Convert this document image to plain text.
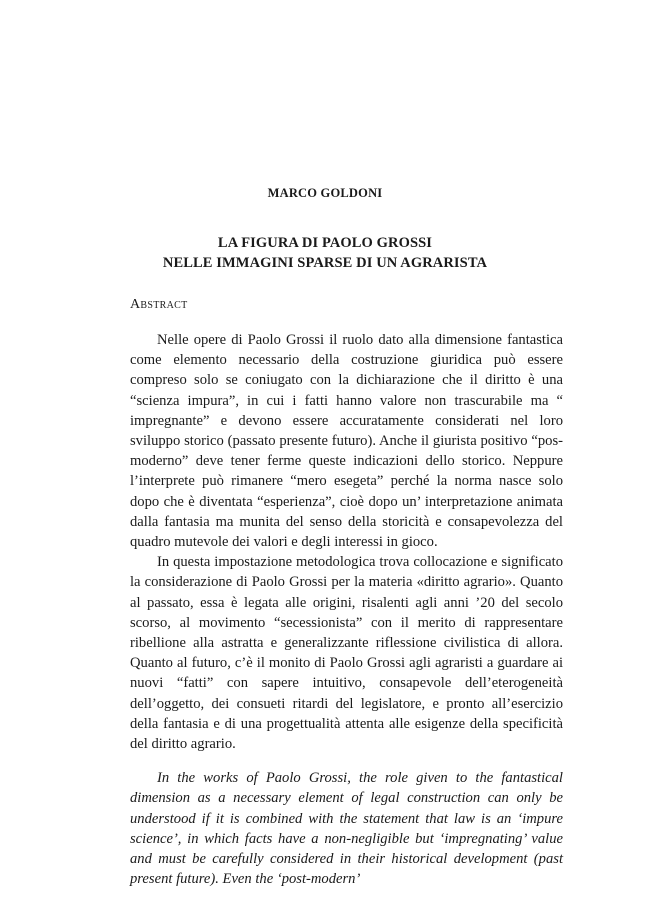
MARCO GOLDONI
LA FIGURA DI PAOLO GROSSI
NELLE IMMAGINI SPARSE DI UN AGRARISTA
Abstract

Nelle opere di Paolo Grossi il ruolo dato alla dimensione fantastica come elemento necessario della costruzione giuridica può essere compreso solo se coniugato con la dichiarazione che il diritto è una “scienza impura”, in cui i fatti hanno valore non trascurabile ma “ impregnante” e devono essere accuratamente considerati nel loro sviluppo storico (passato presente futuro). Anche il giurista positivo “pos-moderno” deve tener ferme queste indicazioni dello storico. Neppure l’interprete può rimanere “mero esegeta” perché la norma nasce solo dopo che è diventata “esperienza”, cioè dopo un’ interpretazione animata dalla fantasia ma munita del senso della storicità e consapevolezza del quadro mutevole dei valori e degli interessi in gioco.

In questa impostazione metodologica trova collocazione e significato la considerazione di Paolo Grossi per la materia «diritto agrario». Quanto al passato, essa è legata alle origini, risalenti agli anni ’20 del secolo scorso, al movimento “secessionista” con il merito di rappresentare ribellione alla astratta e generalizzante riflessione civilistica di allora. Quanto al futuro, c’è il monito di Paolo Grossi agli agraristi a guardare ai nuovi “fatti” con sapere intuitivo, consapevole dell’eterogeneità dell’oggetto, dei consueti ritardi del legislatore, e pronto all’esercizio della fantasia e di una progettualità attenta alle esigenze della specificità del diritto agrario.

In the works of Paolo Grossi, the role given to the fantastical dimension as a necessary element of legal construction can only be understood if it is combined with the statement that law is an ‘impure science’, in which facts have a non-negligible but ‘impregnating’ value and must be carefully considered in their historical development (past present future). Even the ‘post-modern’
